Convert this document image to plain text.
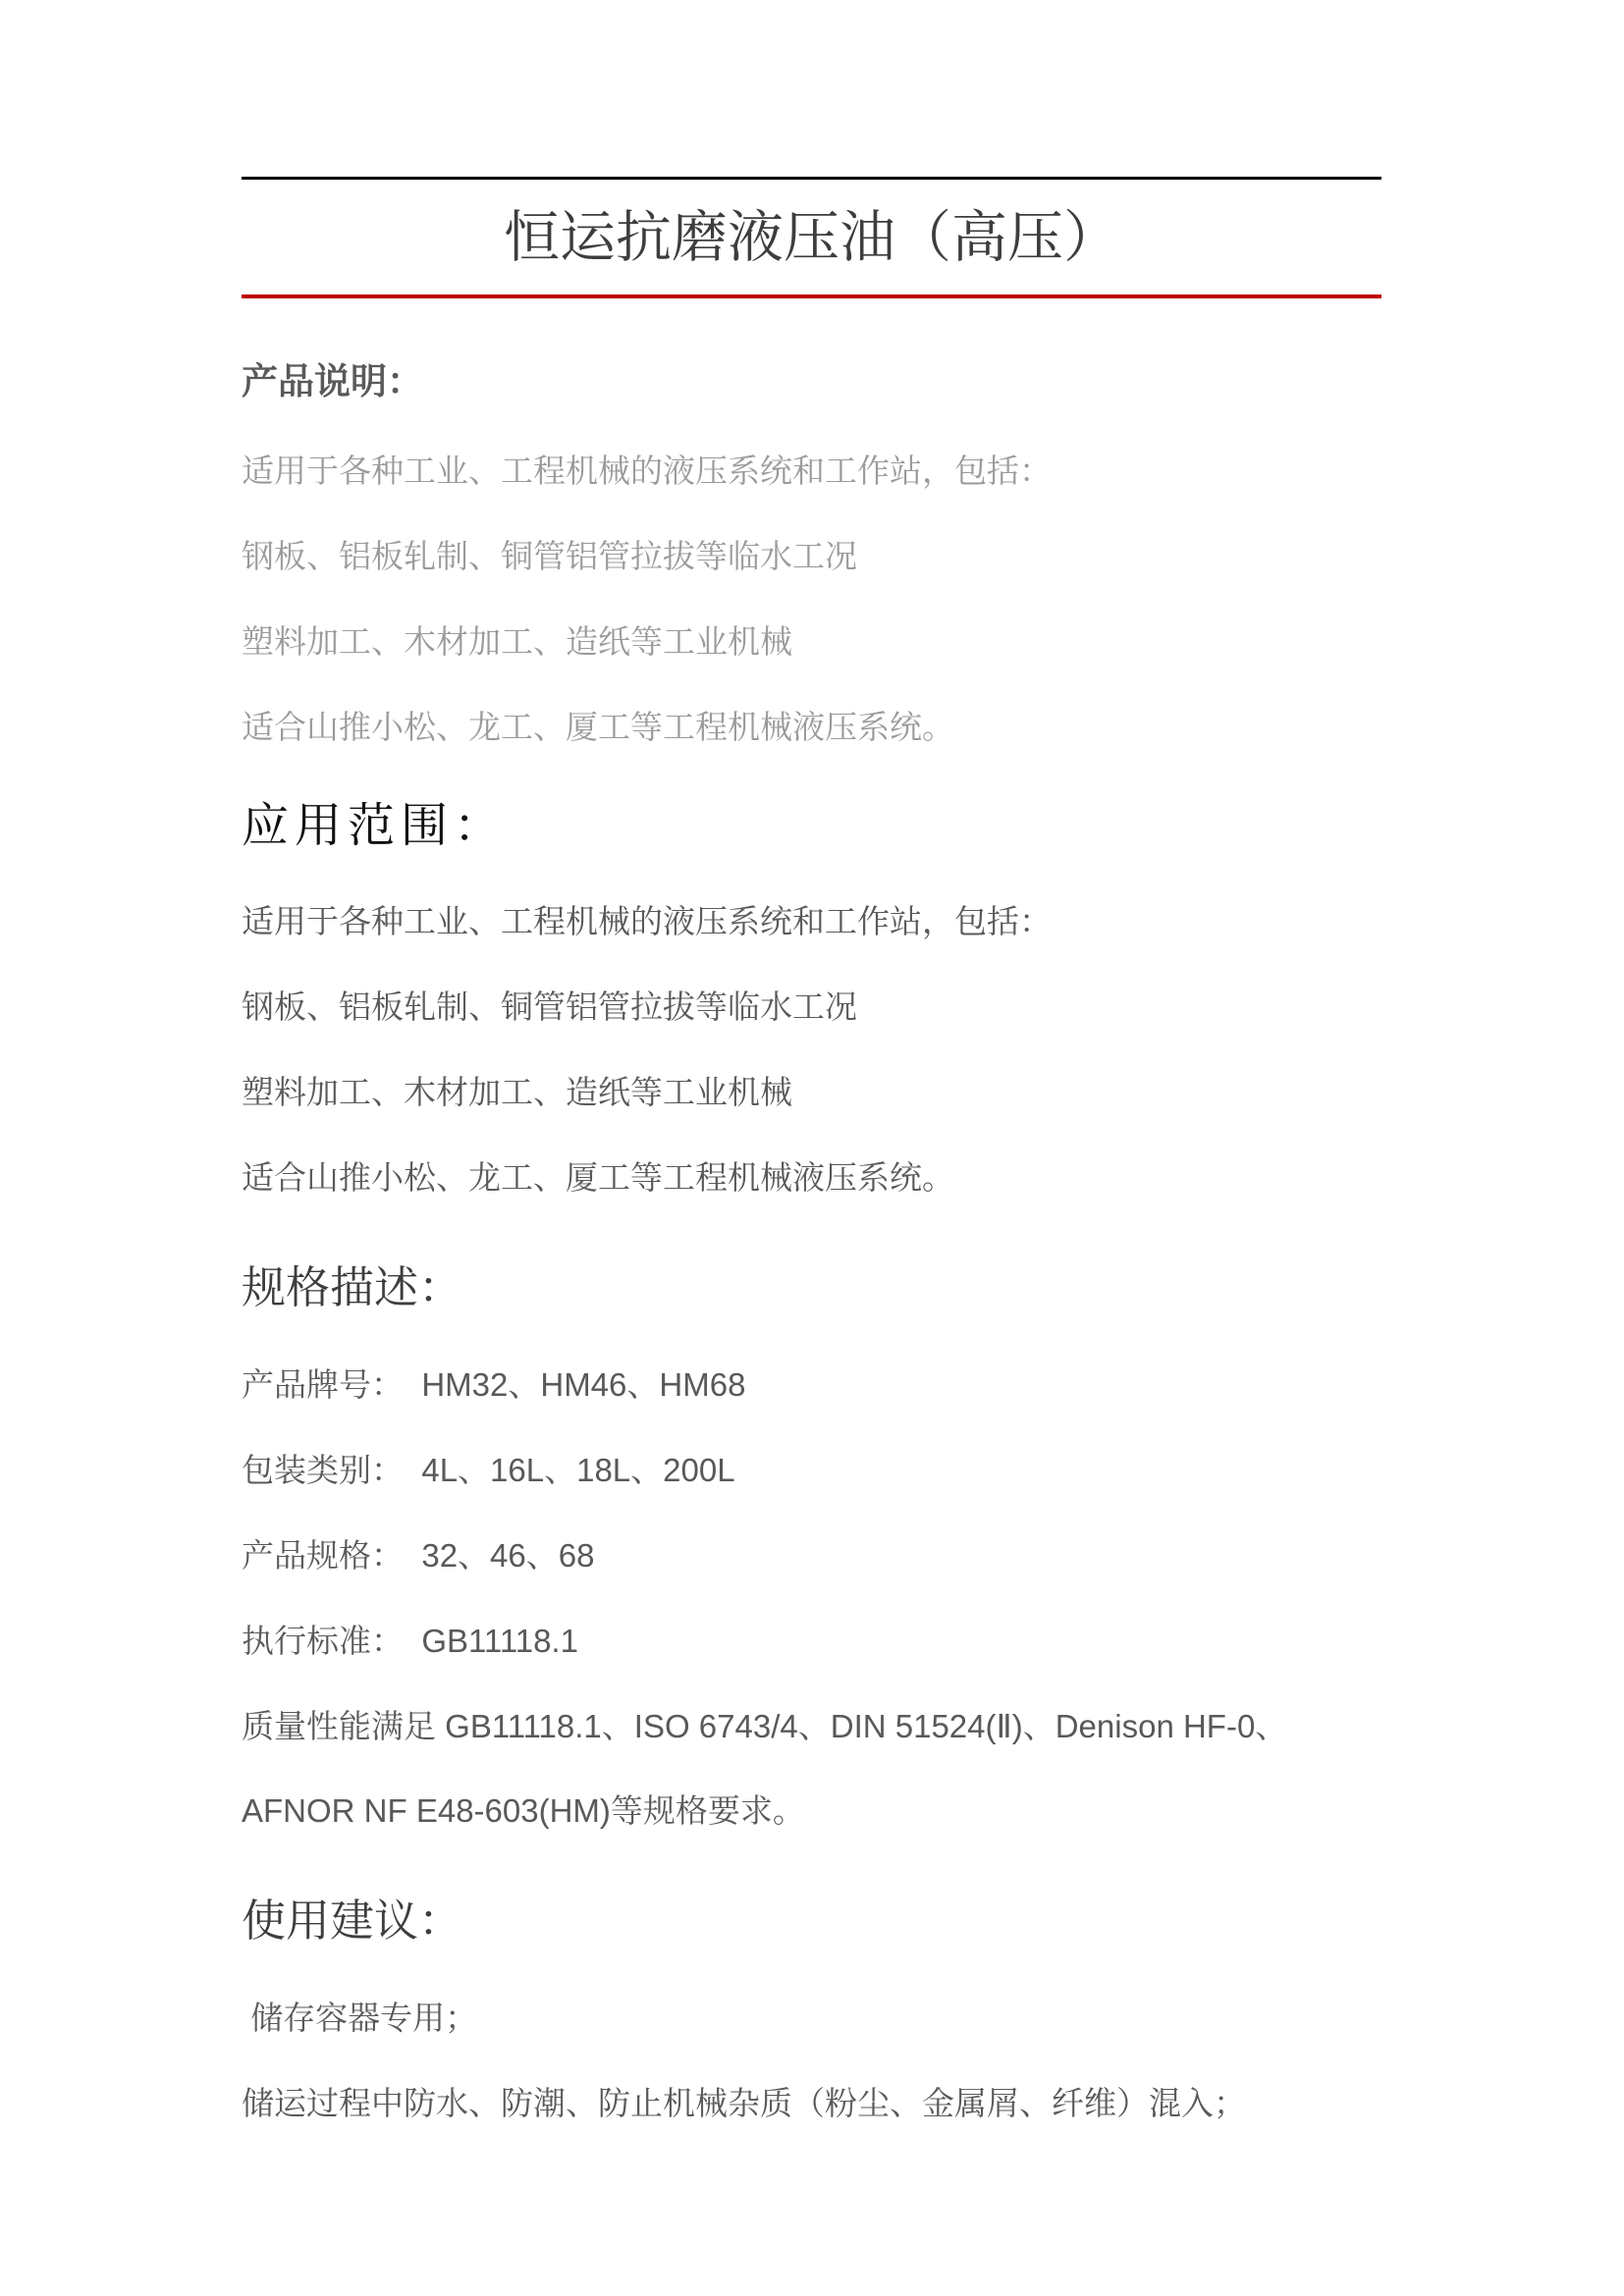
恒运抗磨液压油（高压）

产品说明：

适用于各种工业、工程机械的液压系统和工作站，包括：

钢板、铝板轧制、铜管铝管拉拔等临水工况

塑料加工、木材加工、造纸等工业机械

适合山推小松、龙工、厦工等工程机械液压系统。

应用范围：

适用于各种工业、工程机械的液压系统和工作站，包括：

钢板、铝板轧制、铜管铝管拉拔等临水工况

塑料加工、木材加工、造纸等工业机械

适合山推小松、龙工、厦工等工程机械液压系统。

规格描述：

产品牌号：  HM32、HM46、HM68

包装类别：  4L、16L、18L、200L

产品规格：  32、46、68

执行标准：  GB11118.1

质量性能满足 GB11118.1、ISO 6743/4、DIN 51524(Ⅱ)、Denison HF-0、

AFNOR NF E48-603(HM)等规格要求。

使用建议：

储存容器专用；

储运过程中防水、防潮、防止机械杂质（粉尘、金属屑、纤维）混入；
